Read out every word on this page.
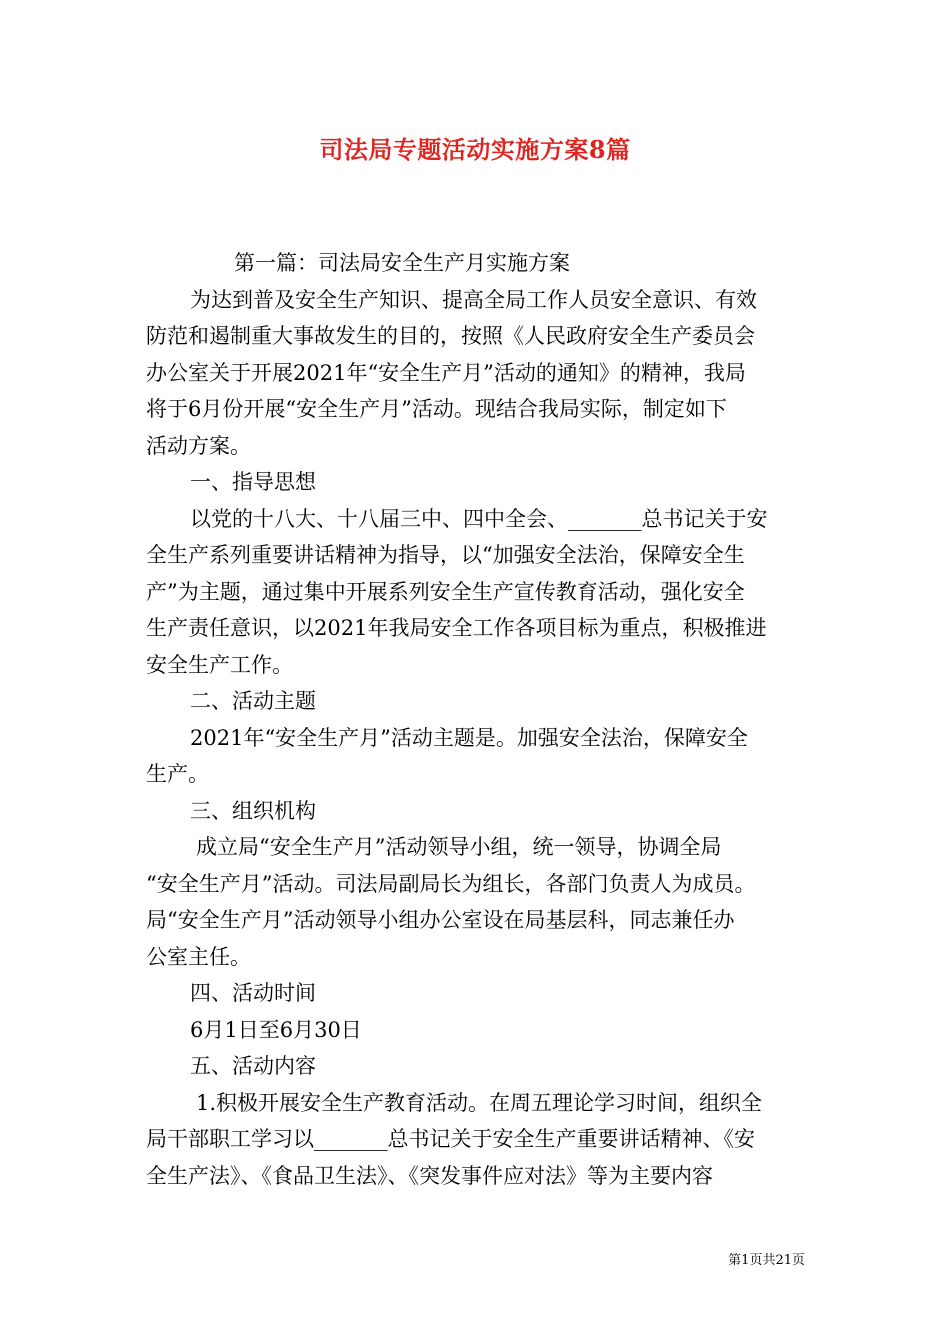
司法局专题活动实施方案8篇
第一篇：司法局安全生产月实施方案
为达到普及安全生产知识、提高全局工作人员安全意识、有效
防范和遏制重大事故发生的目的，按照《人民政府安全生产委员会
办公室关于开展2021年“安全生产月”活动的通知》的精神，我局
将于6月份开展“安全生产月”活动。现结合我局实际，制定如下
活动方案。
一、指导思想
以党的十八大、十八届三中、四中全会、_______总书记关于安
全生产系列重要讲话精神为指导，以“加强安全法治，保障安全生
产”为主题，通过集中开展系列安全生产宣传教育活动，强化安全
生产责任意识，以2021年我局安全工作各项目标为重点，积极推进
安全生产工作。
二、活动主题
2021年“安全生产月”活动主题是。加强安全法治，保障安全
生产。
三、组织机构
成立局“安全生产月”活动领导小组，统一领导，协调全局
“安全生产月”活动。司法局副局长为组长，各部门负责人为成员。
局“安全生产月”活动领导小组办公室设在局基层科，同志兼任办
公室主任。
四、活动时间
6月1日至6月30日
五、活动内容
1.积极开展安全生产教育活动。在周五理论学习时间，组织全
局干部职工学习以_______总书记关于安全生产重要讲话精神、《安
全生产法》、《食品卫生法》、《突发事件应对法》等为主要内容
第1页共21页
